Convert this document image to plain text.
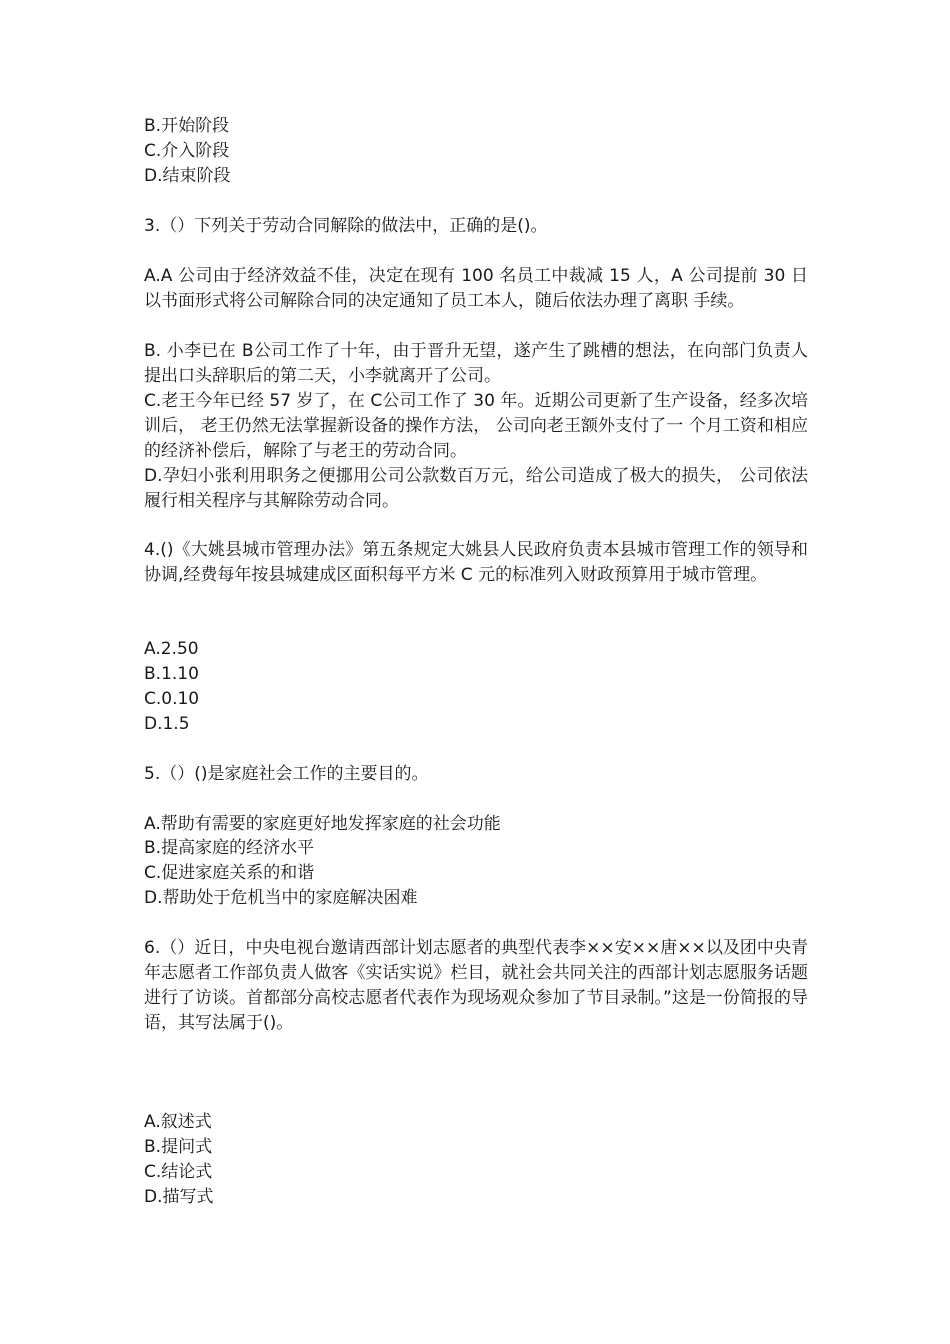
B.开始阶段
C.介入阶段
D.结束阶段
3.（）下列关于劳动合同解除的做法中，正确的是()。
A.A 公司由于经济效益不佳，决定在现有 100 名员工中裁减 15 人，A 公司提前 30 日以书面形式将公司解除合同的决定通知了员工本人，随后依法办理了离职 手续。
B. 小李已在 B公司工作了十年，由于晋升无望，遂产生了跳槽的想法，在向部门负责人提出口头辞职后的第二天，小李就离开了公司。
C.老王今年已经 57 岁了，在 C公司工作了 30 年。近期公司更新了生产设备，经多次培训后， 老王仍然无法掌握新设备的操作方法， 公司向老王额外支付了一 个月工资和相应的经济补偿后，解除了与老王的劳动合同。
D.孕妇小张利用职务之便挪用公司公款数百万元，给公司造成了极大的损失， 公司依法履行相关程序与其解除劳动合同。
4.()《大姚县城市管理办法》第五条规定大姚县人民政府负责本县城市管理工作的领导和协调,经费每年按县城建成区面积每平方米 C 元的标准列入财政预算用于城市管理。
A.2.50
B.1.10
C.0.10
D.1.5
5.（）()是家庭社会工作的主要目的。
A.帮助有需要的家庭更好地发挥家庭的社会功能
B.提高家庭的经济水平
C.促进家庭关系的和谐
D.帮助处于危机当中的家庭解决困难
6.（）近日，中央电视台邀请西部计划志愿者的典型代表李××安××唐××以及团中央青年志愿者工作部负责人做客《实话实说》栏目，就社会共同关注的西部计划志愿服务话题进行了访谈。首都部分高校志愿者代表作为现场观众参加了节目录制。”这是一份简报的导语，其写法属于()。
A.叙述式
B.提问式
C.结论式
D.描写式
